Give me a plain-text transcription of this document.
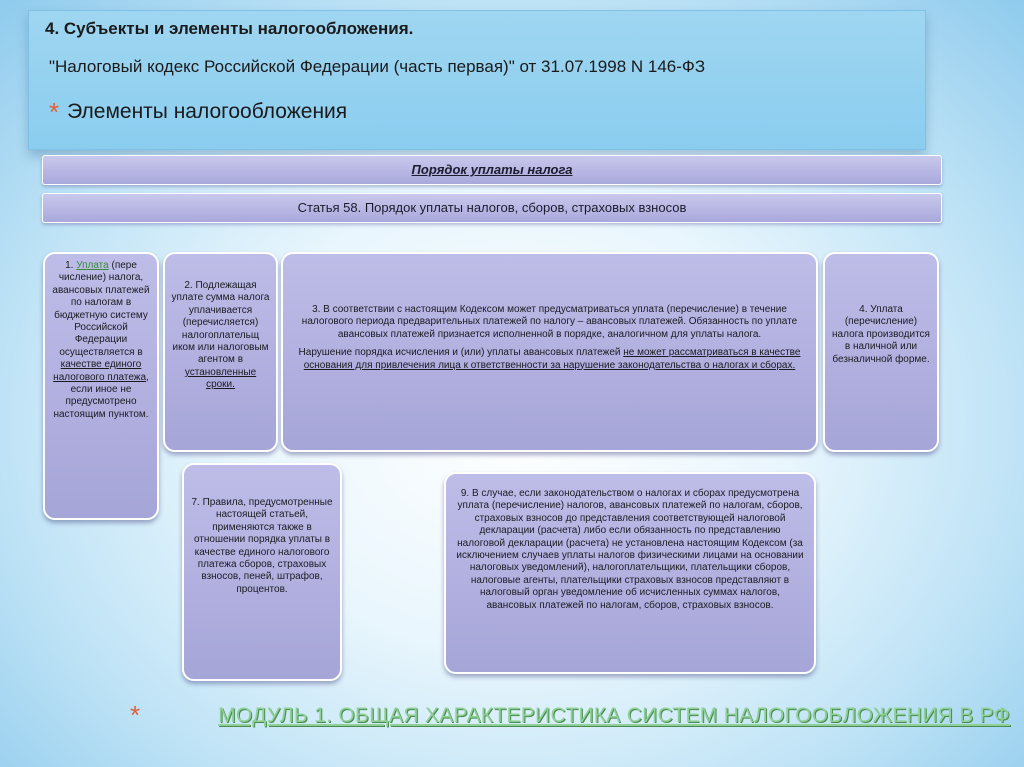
4. Субъекты и элементы налогообложения.
"Налоговый кодекс Российской Федерации (часть первая)" от 31.07.1998 N 146-ФЗ
* Элементы налогообложения
Порядок уплаты налога
Статья 58. Порядок уплаты налогов, сборов, страховых взносов
1. Уплата (пере числение) налога, авансовых платежей по налогам в бюджетную систему Российской Федерации осуществляется в качестве единого налогового платежа, если иное не предусмотрено настоящим пунктом.
2. Подлежащая уплате сумма налога уплачивается (перечисляется) налогоплательщ иком или налоговым агентом в установленные сроки.
3. В соответствии с настоящим Кодексом может предусматриваться уплата (перечисление) в течение налогового периода предварительных платежей по налогу – авансовых платежей. Обязанность по уплате авансовых платежей признается исполненной в порядке, аналогичном для уплаты налога.
Нарушение порядка исчисления и (или) уплаты авансовых платежей не может рассматриваться в качестве основания для привлечения лица к ответственности за нарушение законодательства о налогах и сборах.
4. Уплата (перечисление) налога производится в наличной или безналичной форме.
7. Правила, предусмотренные настоящей статьей, применяются также в отношении порядка уплаты в качестве единого налогового платежа сборов, страховых взносов, пеней, штрафов, процентов.
9. В случае, если законодательством о налогах и сборах предусмотрена уплата (перечисление) налогов, авансовых платежей по налогам, сборов, страховых взносов до представления соответствующей налоговой декларации (расчета) либо если обязанность по представлению налоговой декларации (расчета) не установлена настоящим Кодексом (за исключением случаев уплаты налогов физическими лицами на основании налоговых уведомлений), налогоплательщики, плательщики сборов, налоговые агенты, плательщики страховых взносов представляют в налоговый орган уведомление об исчисленных суммах налогов, авансовых платежей по налогам, сборов, страховых взносов.
*	МОДУЛЬ 1. ОБЩАЯ ХАРАКТЕРИСТИКА СИСТЕМ НАЛОГООБЛОЖЕНИЯ В РФ
